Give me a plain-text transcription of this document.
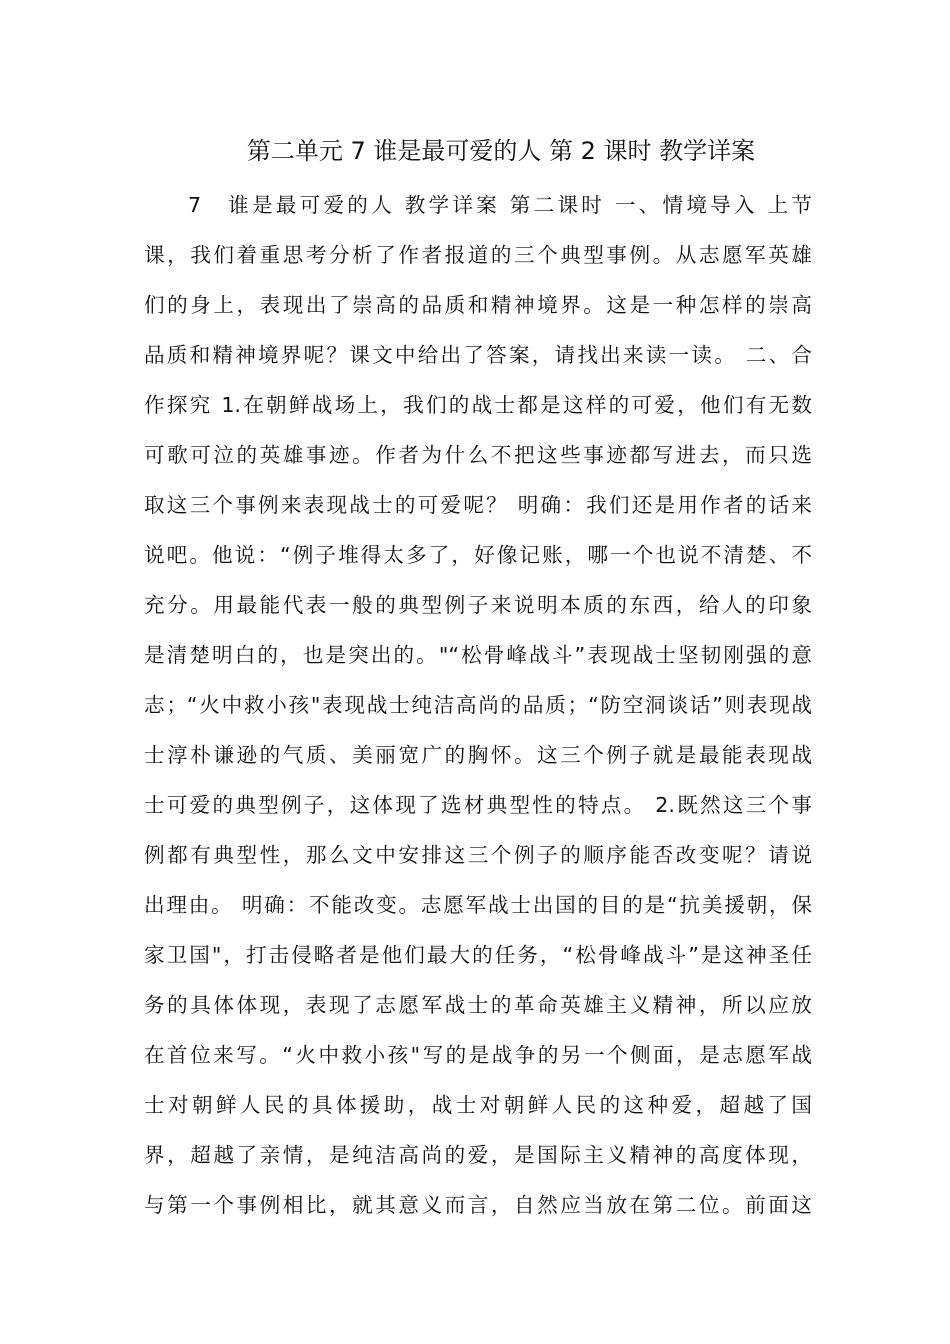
第二单元 7 谁是最可爱的人 第 2 课时 教学详案
7　谁是最可爱的人 教学详案 第二课时 一、情境导入 上节
课，我们着重思考分析了作者报道的三个典型事例。从志愿军英雄
们的身上，表现出了崇高的品质和精神境界。这是一种怎样的崇高
品质和精神境界呢？课文中给出了答案，请找出来读一读。 二、合
作探究 1.在朝鲜战场上，我们的战士都是这样的可爱，他们有无数
可歌可泣的英雄事迹。作者为什么不把这些事迹都写进去，而只选
取这三个事例来表现战士的可爱呢？ 明确：我们还是用作者的话来
说吧。他说：“例子堆得太多了，好像记账，哪一个也说不清楚、不
充分。用最能代表一般的典型例子来说明本质的东西，给人的印象
是清楚明白的，也是突出的。"“松骨峰战斗”表现战士坚韧刚强的意
志；“火中救小孩"表现战士纯洁高尚的品质；“防空洞谈话”则表现战
士淳朴谦逊的气质、美丽宽广的胸怀。这三个例子就是最能表现战
士可爱的典型例子，这体现了选材典型性的特点。 2.既然这三个事
例都有典型性，那么文中安排这三个例子的顺序能否改变呢？请说
出理由。 明确：不能改变。志愿军战士出国的目的是“抗美援朝，保
家卫国"，打击侵略者是他们最大的任务，“松骨峰战斗”是这神圣任
务的具体体现，表现了志愿军战士的革命英雄主义精神，所以应放
在首位来写。“火中救小孩"写的是战争的另一个侧面，是志愿军战
士对朝鲜人民的具体援助，战士对朝鲜人民的这种爱，超越了国
界，超越了亲情，是纯洁高尚的爱，是国际主义精神的高度体现，
与第一个事例相比，就其意义而言，自然应当放在第二位。前面这
